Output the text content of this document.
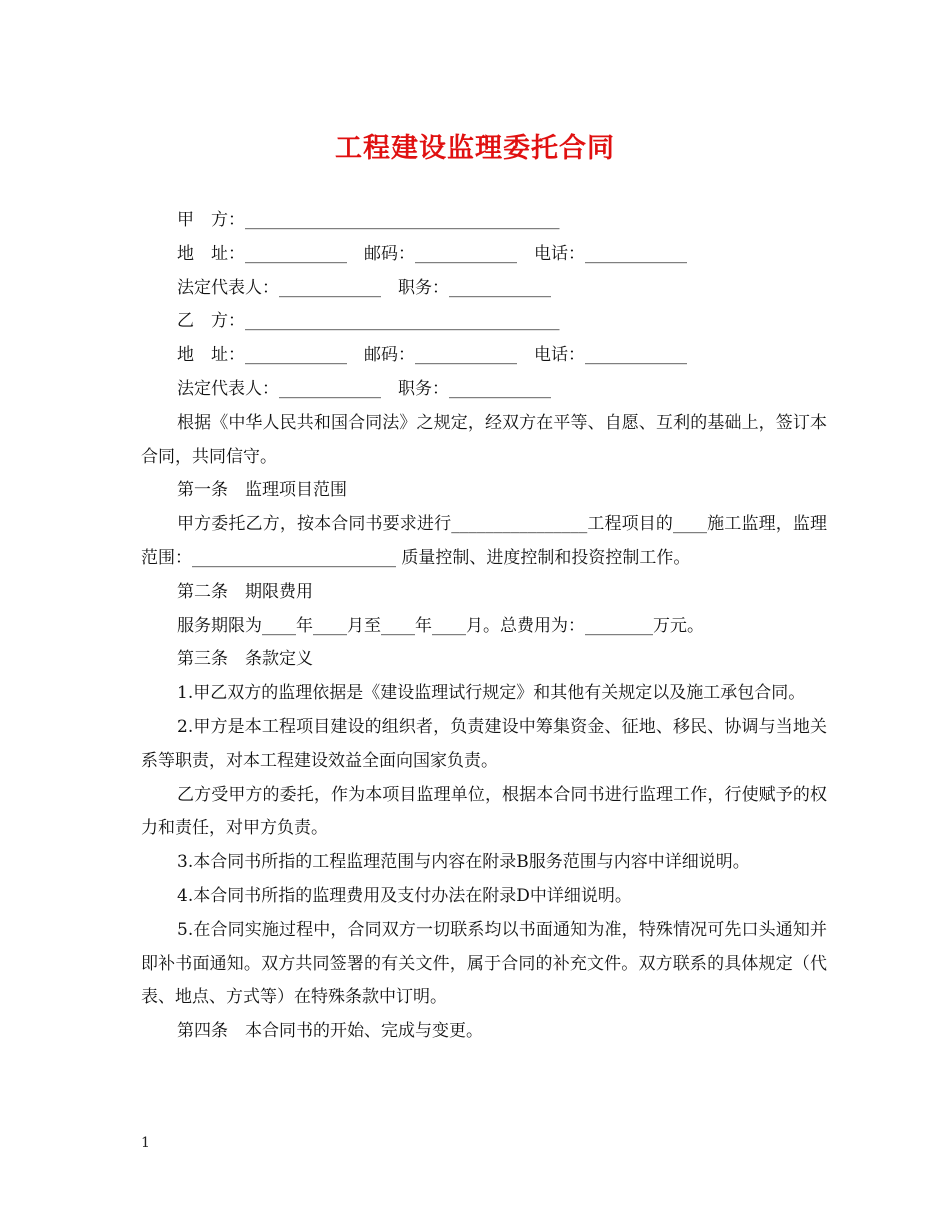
工程建设监理委托合同
甲　方：_____________________________________
地　址：____________　邮码：____________　电话：____________
法定代表人：____________　职务：____________
乙　方：_____________________________________
地　址：____________　邮码：____________　电话：____________
法定代表人：____________　职务：____________
根据《中华人民共和国合同法》之规定，经双方在平等、自愿、互利的基础上，签订本合同，共同信守。
第一条　监理项目范围
甲方委托乙方，按本合同书要求进行________________工程项目的____施工监理，监理范围：________________________ 质量控制、进度控制和投资控制工作。
第二条　期限费用
服务期限为____年____月至____年____月。总费用为：________万元。
第三条　条款定义
1.甲乙双方的监理依据是《建设监理试行规定》和其他有关规定以及施工承包合同。
2.甲方是本工程项目建设的组织者，负责建设中筹集资金、征地、移民、协调与当地关系等职责，对本工程建设效益全面向国家负责。
乙方受甲方的委托，作为本项目监理单位，根据本合同书进行监理工作，行使赋予的权力和责任，对甲方负责。
3.本合同书所指的工程监理范围与内容在附录B服务范围与内容中详细说明。
4.本合同书所指的监理费用及支付办法在附录D中详细说明。
5.在合同实施过程中，合同双方一切联系均以书面通知为准，特殊情况可先口头通知并即补书面通知。双方共同签署的有关文件，属于合同的补充文件。双方联系的具体规定（代表、地点、方式等）在特殊条款中订明。
第四条　本合同书的开始、完成与变更。
1
